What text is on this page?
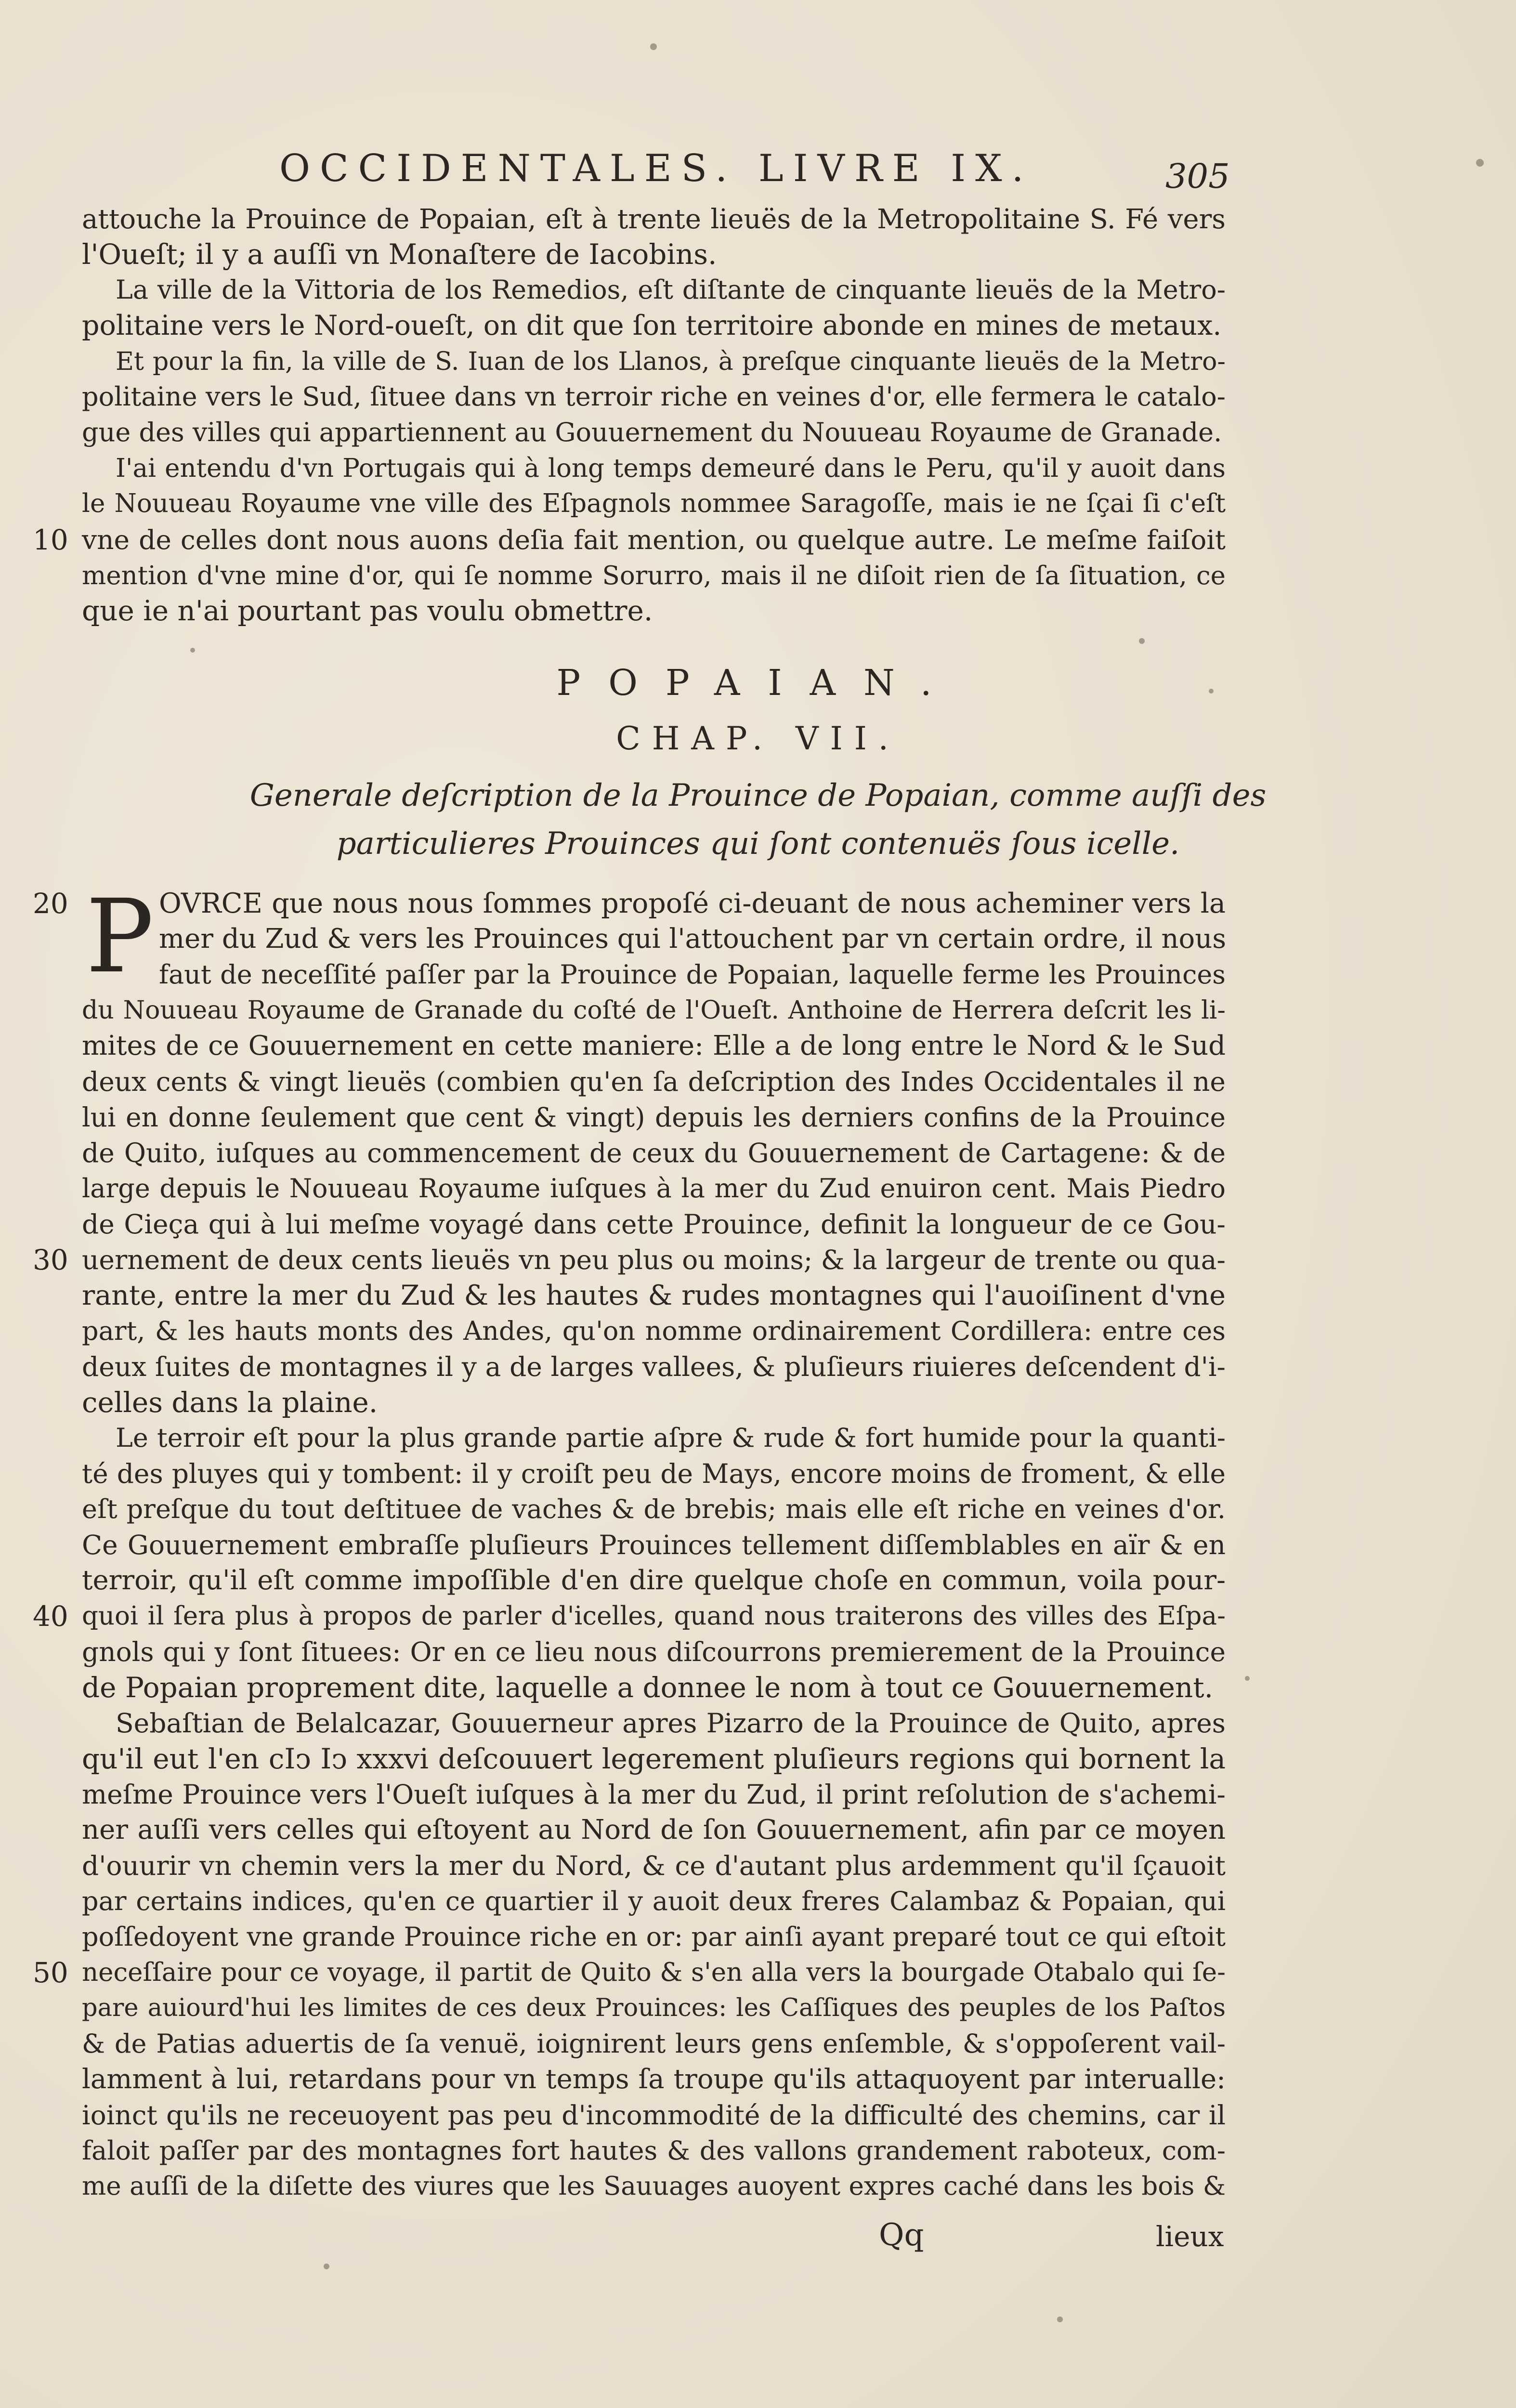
OCCIDENTALES. LIVRE IX.	305
attouche la Prouince de Popaian, eſt à trente lieuës de la Metropolitaine S. Fé vers
l'Oueſt; il y a auſſi vn Monaſtere de Iacobins.
La ville de la Vittoria de los Remedios, eſt diſtante de cinquante lieuës de la Metro-
politaine vers le Nord-oueſt, on dit que ſon territoire abonde en mines de metaux.
Et pour la fin, la ville de S. Iuan de los Llanos, à preſque cinquante lieuës de la Metro-
politaine vers le Sud, ſituee dans vn terroir riche en veines d'or, elle fermera le catalo-
gue des villes qui appartiennent au Gouuernement du Nouueau Royaume de Granade.
I'ai entendu d'vn Portugais qui à long temps demeuré dans le Peru, qu'il y auoit dans
le Nouueau Royaume vne ville des Eſpagnols nommee Saragoſſe, mais ie ne ſçai ſi c'eſt
10 vne de celles dont nous auons deſia fait mention, ou quelque autre. Le meſme faiſoit
mention d'vne mine d'or, qui ſe nomme Sorurro, mais il ne diſoit rien de ſa ſituation, ce
que ie n'ai pourtant pas voulu obmettre.
POPAIAN.
CHAP. VII.
Generale deſcription de la Prouince de Popaian, comme auſſi des
particulieres Prouinces qui ſont contenuës ſous icelle.
P
20	OVRCE que nous nous ſommes propoſé ci-deuant de nous acheminer vers la
mer du Zud & vers les Prouinces qui l'attouchent par vn certain ordre, il nous
faut de neceſſité paſſer par la Prouince de Popaian, laquelle ferme les Prouinces
du Nouueau Royaume de Granade du coſté de l'Oueſt. Anthoine de Herrera deſcrit les li-
mites de ce Gouuernement en cette maniere: Elle a de long entre le Nord & le Sud
deux cents & vingt lieuës (combien qu'en ſa deſcription des Indes Occidentales il ne
lui en donne ſeulement que cent & vingt) depuis les derniers confins de la Prouince
de Quito, iuſques au commencement de ceux du Gouuernement de Cartagene: & de
large depuis le Nouueau Royaume iuſques à la mer du Zud enuiron cent. Mais Piedro
de Cieça qui à lui meſme voyagé dans cette Prouince, definit la longueur de ce Gou-
30 uernement de deux cents lieuës vn peu plus ou moins; & la largeur de trente ou qua-
rante, entre la mer du Zud & les hautes & rudes montagnes qui l'auoiſinent d'vne
part, & les hauts monts des Andes, qu'on nomme ordinairement Cordillera: entre ces
deux ſuites de montagnes il y a de larges vallees, & pluſieurs riuieres deſcendent d'i-
celles dans la plaine.
Le terroir eſt pour la plus grande partie aſpre & rude & fort humide pour la quanti-
té des pluyes qui y tombent: il y croiſt peu de Mays, encore moins de froment, & elle
eſt preſque du tout deſtituee de vaches & de brebis; mais elle eſt riche en veines d'or.
Ce Gouuernement embraſſe pluſieurs Prouinces tellement diſſemblables en aïr & en
terroir, qu'il eſt comme impoſſible d'en dire quelque choſe en commun, voila pour-
40 quoi il ſera plus à propos de parler d'icelles, quand nous traiterons des villes des Eſpa-
gnols qui y ſont ſituees: Or en ce lieu nous diſcourrons premierement de la Prouince
de Popaian proprement dite, laquelle a donnee le nom à tout ce Gouuernement.
Sebaſtian de Belalcazar, Gouuerneur apres Pizarro de la Prouince de Quito, apres
qu'il eut l'en cIↄ Iↄ xxxvi deſcouuert legerement pluſieurs regions qui bornent la
meſme Prouince vers l'Oueſt iuſques à la mer du Zud, il print reſolution de s'achemi-
ner auſſi vers celles qui eſtoyent au Nord de ſon Gouuernement, afin par ce moyen
d'ouurir vn chemin vers la mer du Nord, & ce d'autant plus ardemment qu'il ſçauoit
par certains indices, qu'en ce quartier il y auoit deux freres Calambaz & Popaian, qui
poſſedoyent vne grande Prouince riche en or: par ainſi ayant preparé tout ce qui eſtoit
50 neceſſaire pour ce voyage, il partit de Quito & s'en alla vers la bourgade Otabalo qui ſe-
pare auiourd'hui les limites de ces deux Prouinces: les Caſſiques des peuples de los Paſtos
& de Patias aduertis de ſa venuë, ioignirent leurs gens enſemble, & s'oppoſerent vail-
lamment à lui, retardans pour vn temps ſa troupe qu'ils attaquoyent par interualle:
ioinct qu'ils ne receuoyent pas peu d'incommodité de la difficulté des chemins, car il
faloit paſſer par des montagnes fort hautes & des vallons grandement raboteux, com-
me auſſi de la diſette des viures que les Sauuages auoyent expres caché dans les bois &
Qq	lieux
